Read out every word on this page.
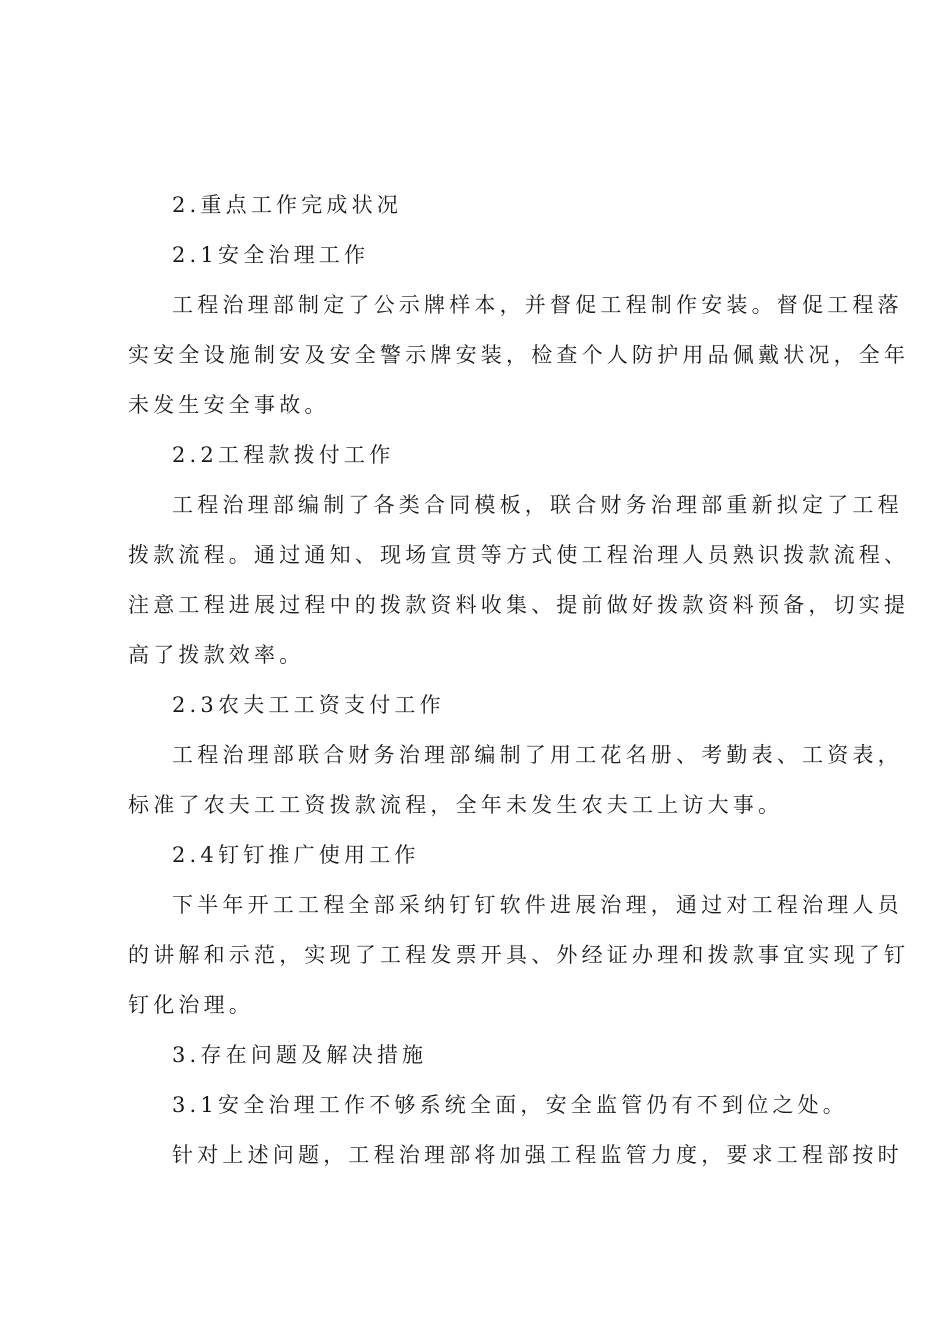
2.重点工作完成状况

2.1安全治理工作

工程治理部制定了公示牌样本，并督促工程制作安装。督促工程落

实安全设施制安及安全警示牌安装，检查个人防护用品佩戴状况，全年

未发生安全事故。

2.2工程款拨付工作

工程治理部编制了各类合同模板，联合财务治理部重新拟定了工程

拨款流程。通过通知、现场宣贯等方式使工程治理人员熟识拨款流程、

注意工程进展过程中的拨款资料收集、提前做好拨款资料预备，切实提

高了拨款效率。

2.3农夫工工资支付工作

工程治理部联合财务治理部编制了用工花名册、考勤表、工资表，

标准了农夫工工资拨款流程，全年未发生农夫工上访大事。

2.4钉钉推广使用工作

下半年开工工程全部采纳钉钉软件进展治理，通过对工程治理人员

的讲解和示范，实现了工程发票开具、外经证办理和拨款事宜实现了钉

钉化治理。

3.存在问题及解决措施

3.1安全治理工作不够系统全面，安全监管仍有不到位之处。

针对上述问题，工程治理部将加强工程监管力度，要求工程部按时
